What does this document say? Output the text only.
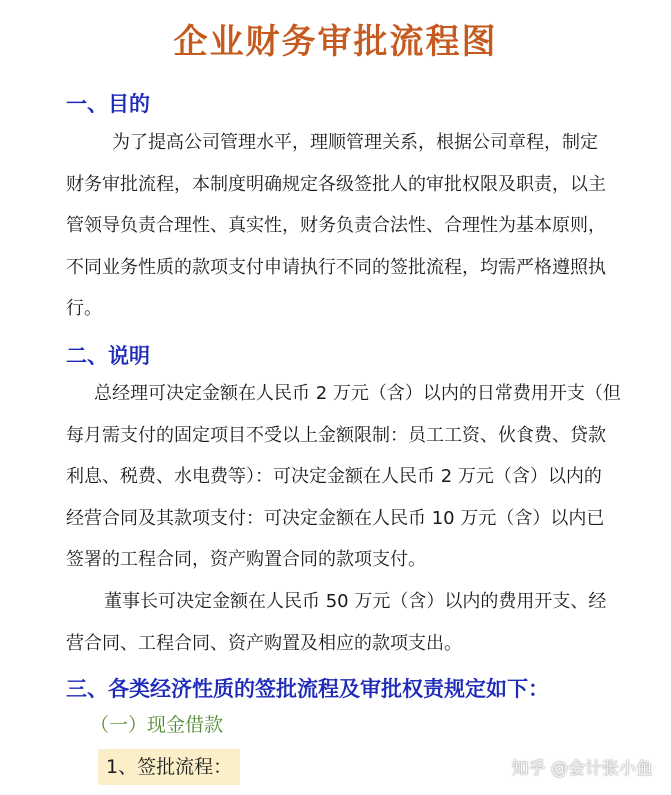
企业财务审批流程图
一、目的
为了提高公司管理水平，理顺管理关系，根据公司章程，制定
财务审批流程，本制度明确规定各级签批人的审批权限及职责，以主
管领导负责合理性、真实性，财务负责合法性、合理性为基本原则，
不同业务性质的款项支付申请执行不同的签批流程，均需严格遵照执
行。
二、说明
总经理可决定金额在人民币 2 万元（含）以内的日常费用开支（但
每月需支付的固定项目不受以上金额限制：员工工资、伙食费、贷款
利息、税费、水电费等）：可决定金额在人民币 2 万元（含）以内的
经营合同及其款项支付：可决定金额在人民币 10 万元（含）以内已
签署的工程合同，资产购置合同的款项支付。
董事长可决定金额在人民币 50 万元（含）以内的费用开支、经
营合同、工程合同、资产购置及相应的款项支出。
三、各类经济性质的签批流程及审批权责规定如下：
（一）现金借款
1、签批流程：	知乎 @会计张小鱼
